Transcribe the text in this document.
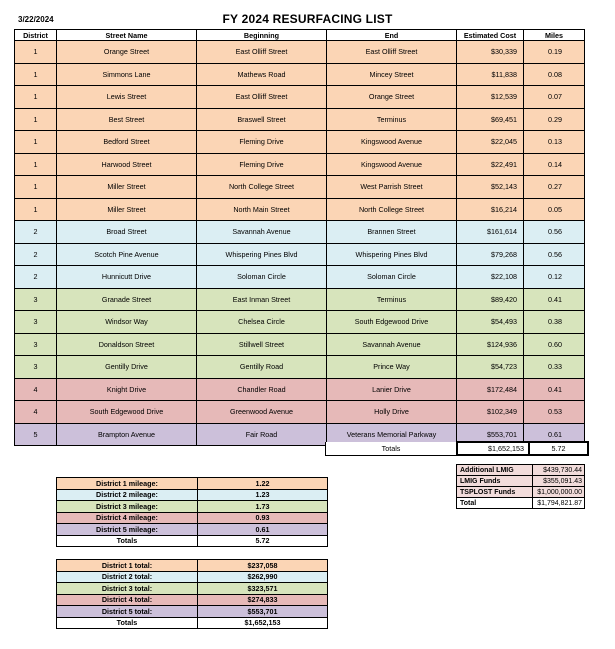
3/22/2024	FY 2024 RESURFACING LIST
District	Street Name	Beginning	End	Estimated Cost	Miles
1	Orange Street	East Olliff Street	East Olliff Street	$30,339	0.19
1	Simmons Lane	Mathews Road	Mincey Street	$11,838	0.08
1	Lewis Street	East Olliff Street	Orange Street	$12,539	0.07
1	Best Street	Braswell Street	Terminus	$69,451	0.29
1	Bedford Street	Fleming Drive	Kingswood Avenue	$22,045	0.13
1	Harwood Street	Fleming Drive	Kingswood Avenue	$22,491	0.14
1	Miller Street	North College Street	West Parrish Street	$52,143	0.27
1	Miller Street	North Main Street	North College Street	$16,214	0.05
2	Broad Street	Savannah Avenue	Brannen Street	$161,614	0.56
2	Scotch Pine Avenue	Whispering Pines Blvd	Whispering Pines Blvd	$79,268	0.56
2	Hunnicutt Drive	Soloman Circle	Soloman Circle	$22,108	0.12
3	Granade Street	East Inman Street	Terminus	$89,420	0.41
3	Windsor Way	Chelsea Circle	South Edgewood Drive	$54,493	0.38
3	Donaldson Street	Stillwell Street	Savannah Avenue	$124,936	0.60
3	Gentilly Drive	Gentilly Road	Prince Way	$54,723	0.33
4	Knight Drive	Chandler Road	Lanier Drive	$172,484	0.41
4	South Edgewood Drive	Greenwood Avenue	Holly Drive	$102,349	0.53
5	Brampton Avenue	Fair Road	Veterans Memorial Parkway	$553,701	0.61
Totals	$1,652,153	5.72
Additional LMIG	$439,730.44
LMIG Funds	$355,091.43
TSPLOST Funds	$1,000,000.00
Total	$1,794,821.87
District 1 mileage:	1.22
District 2 mileage:	1.23
District 3 mileage:	1.73
District 4 mileage:	0.93
District 5 mileage:	0.61
Totals	5.72
District 1 total:	$237,058
District 2 total:	$262,990
District 3 total:	$323,571
District 4 total:	$274,833
District 5 total:	$553,701
Totals	$1,652,153
